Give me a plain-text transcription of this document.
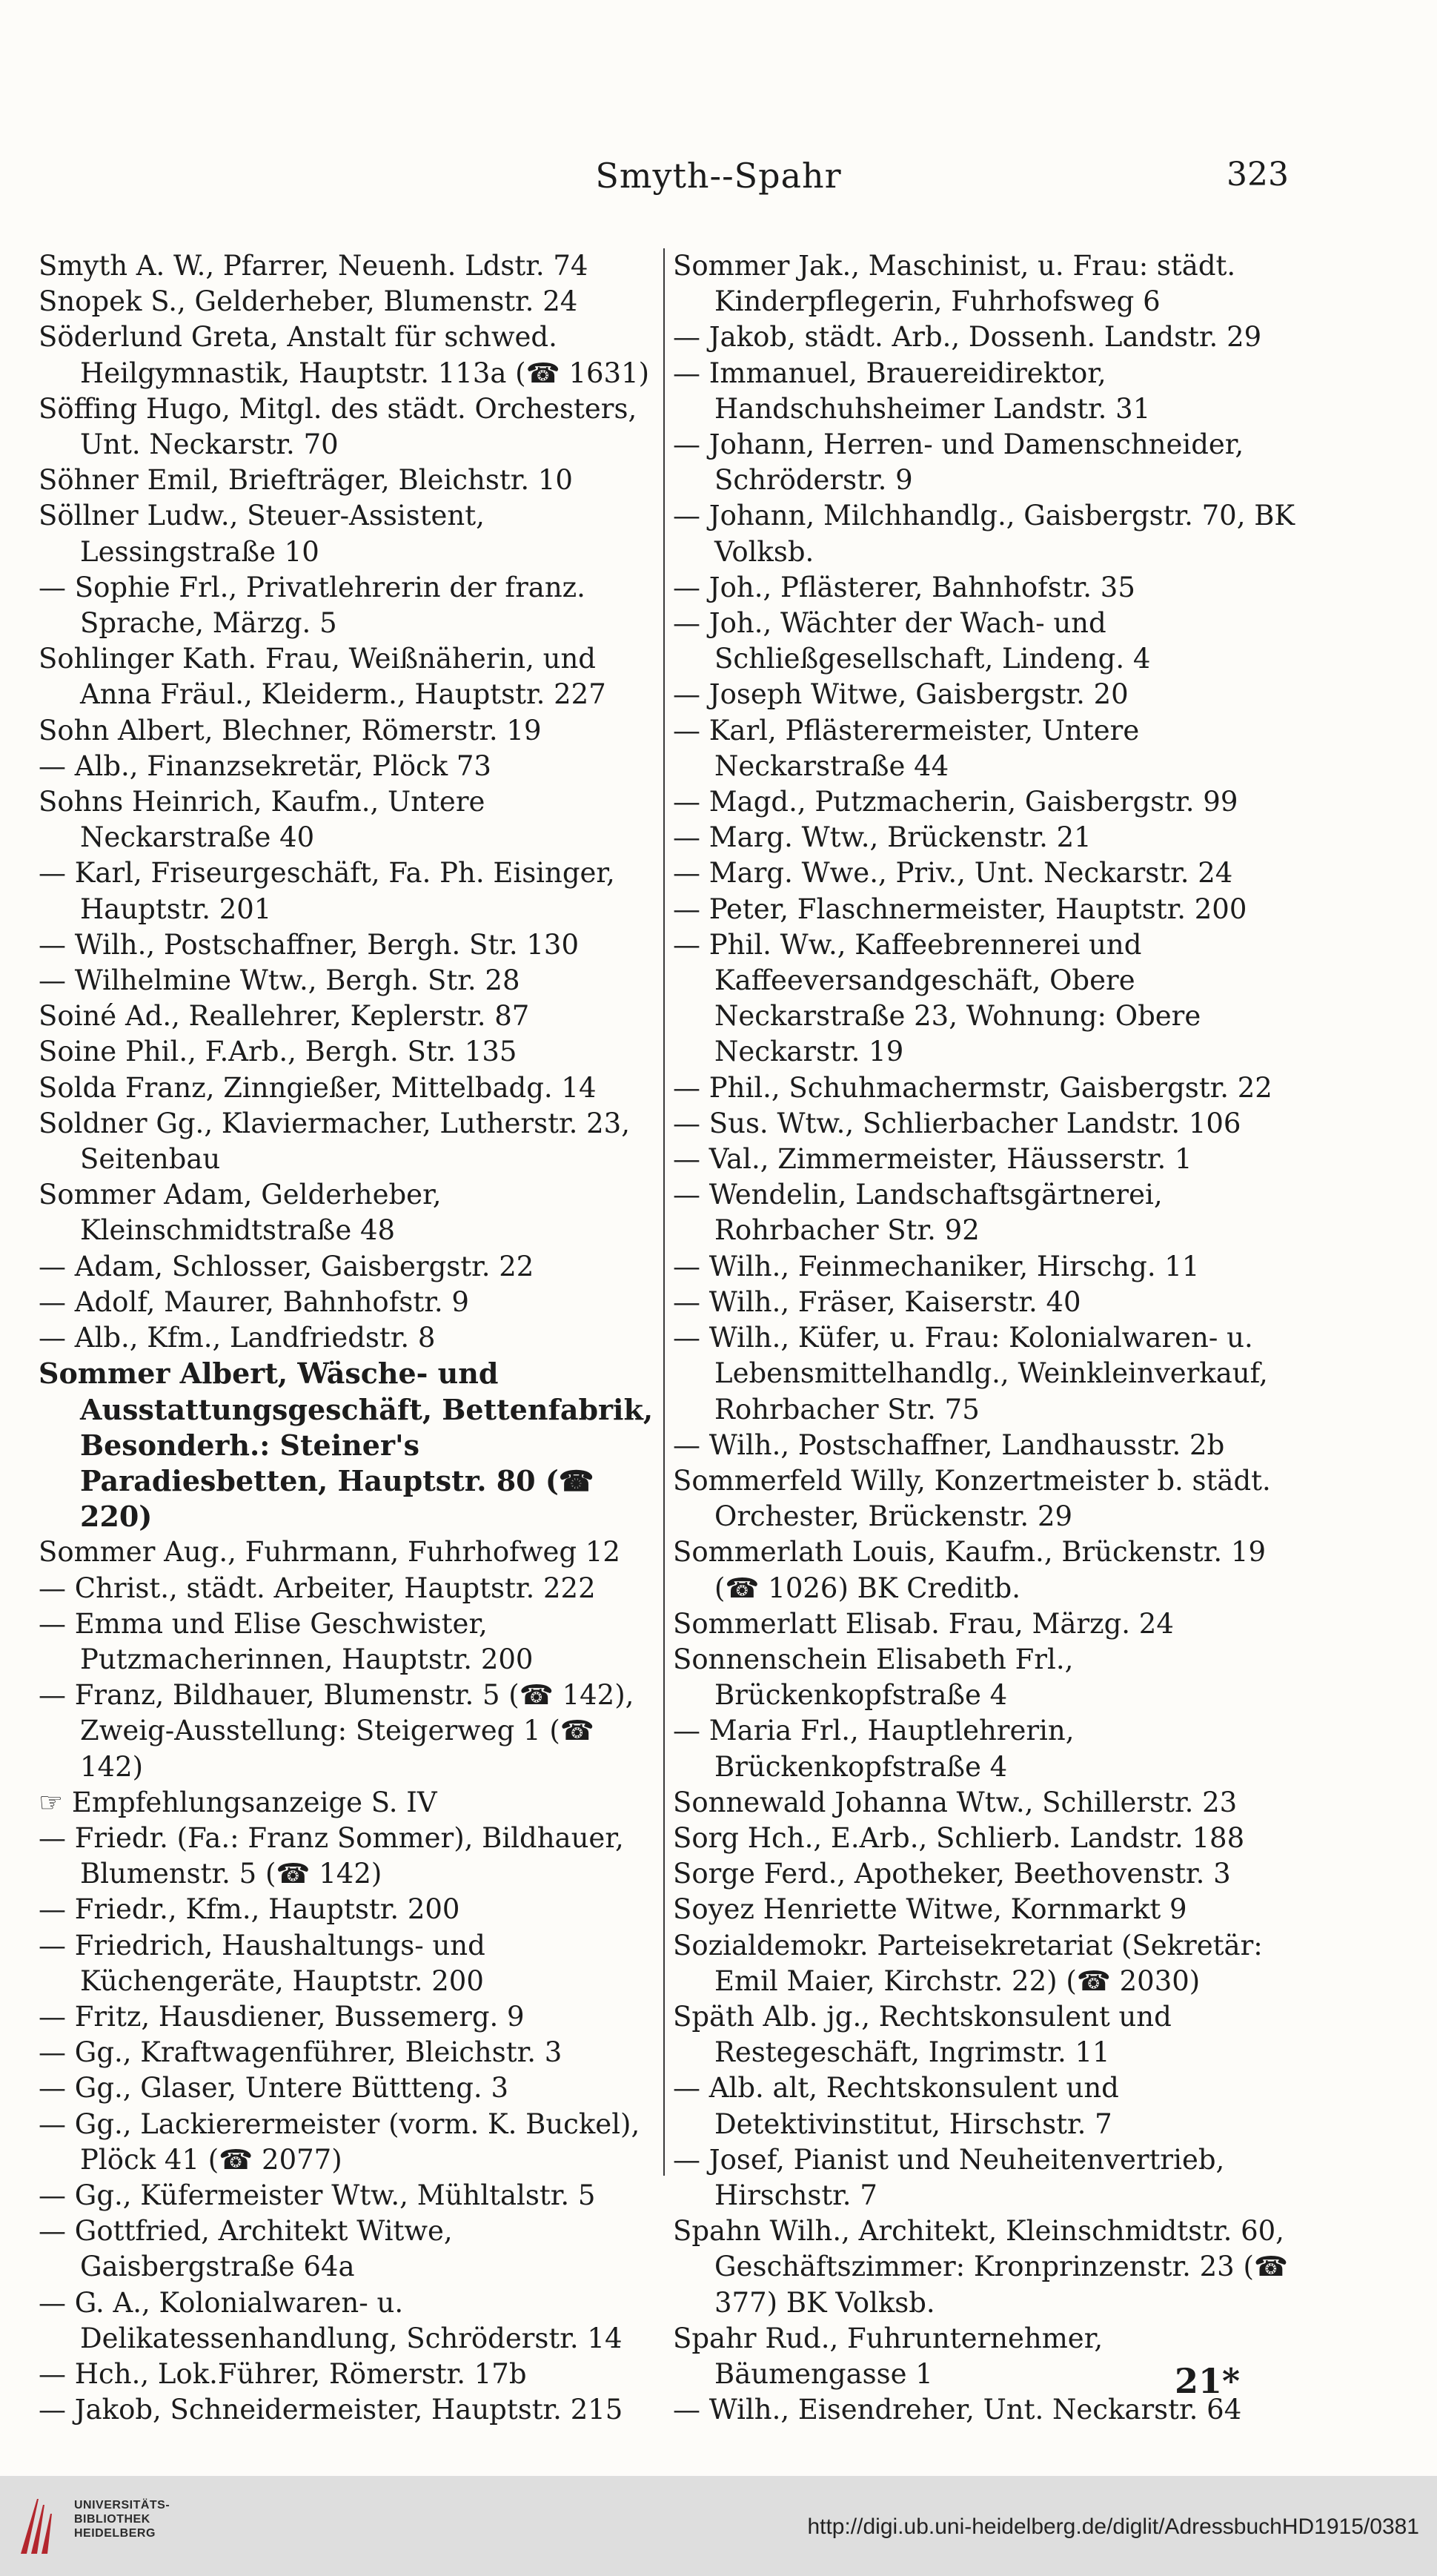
Smyth--Spahr	323

Smyth A. W., Pfarrer, Neuenh. Ldstr. 74

Snopek S., Gelderheber, Blumenstr. 24

Söderlund Greta, Anstalt für schwed. Heilgymnastik, Hauptstr. 113a (☎ 1631)

Söffing Hugo, Mitgl. des städt. Orchesters, Unt. Neckarstr. 70

Söhner Emil, Briefträger, Bleichstr. 10

Söllner Ludw., Steuer-Assistent, Lessingstraße 10

— Sophie Frl., Privatlehrerin der franz. Sprache, Märzg. 5

Sohlinger Kath. Frau, Weißnäherin, und Anna Fräul., Kleiderm., Hauptstr. 227

Sohn Albert, Blechner, Römerstr. 19

— Alb., Finanzsekretär, Plöck 73

Sohns Heinrich, Kaufm., Untere Neckarstraße 40

— Karl, Friseurgeschäft, Fa. Ph. Eisinger, Hauptstr. 201

— Wilh., Postschaffner, Bergh. Str. 130

— Wilhelmine Wtw., Bergh. Str. 28

Soiné Ad., Reallehrer, Keplerstr. 87

Soine Phil., F.Arb., Bergh. Str. 135

Solda Franz, Zinngießer, Mittelbadg. 14

Soldner Gg., Klaviermacher, Lutherstr. 23, Seitenbau

Sommer Adam, Gelderheber, Kleinschmidtstraße 48

— Adam, Schlosser, Gaisbergstr. 22

— Adolf, Maurer, Bahnhofstr. 9

— Alb., Kfm., Landfriedstr. 8

Sommer Albert, Wäsche- und Ausstattungsgeschäft, Bettenfabrik, Besonderh.: Steiner's Paradiesbetten, Hauptstr. 80 (☎ 220)

Sommer Aug., Fuhrmann, Fuhrhofweg 12

— Christ., städt. Arbeiter, Hauptstr. 222

— Emma und Elise Geschwister, Putzmacherinnen, Hauptstr. 200

— Franz, Bildhauer, Blumenstr. 5 (☎ 142), Zweig-Ausstellung: Steigerweg 1 (☎ 142)

☞ Empfehlungsanzeige S. IV

— Friedr. (Fa.: Franz Sommer), Bildhauer, Blumenstr. 5 (☎ 142)

— Friedr., Kfm., Hauptstr. 200

— Friedrich, Haushaltungs- und Küchengeräte, Hauptstr. 200

— Fritz, Hausdiener, Bussemerg. 9

— Gg., Kraftwagenführer, Bleichstr. 3

— Gg., Glaser, Untere Büttteng. 3

— Gg., Lackierermeister (vorm. K. Buckel), Plöck 41 (☎ 2077)

— Gg., Küfermeister Wtw., Mühltalstr. 5

— Gottfried, Architekt Witwe, Gaisbergstraße 64a

— G. A., Kolonialwaren- u. Delikatessenhandlung, Schröderstr. 14

— Hch., Lok.Führer, Römerstr. 17b

— Jakob, Schneidermeister, Hauptstr. 215

Sommer Jak., Maschinist, u. Frau: städt. Kinderpflegerin, Fuhrhofsweg 6

— Jakob, städt. Arb., Dossenh. Landstr. 29

— Immanuel, Brauereidirektor, Handschuhsheimer Landstr. 31

— Johann, Herren- und Damenschneider, Schröderstr. 9

— Johann, Milchhandlg., Gaisbergstr. 70, BK Volksb.

— Joh., Pflästerer, Bahnhofstr. 35

— Joh., Wächter der Wach- und Schließgesellschaft, Lindeng. 4

— Joseph Witwe, Gaisbergstr. 20

— Karl, Pflästerermeister, Untere Neckarstraße 44

— Magd., Putzmacherin, Gaisbergstr. 99

— Marg. Wtw., Brückenstr. 21

— Marg. Wwe., Priv., Unt. Neckarstr. 24

— Peter, Flaschnermeister, Hauptstr. 200

— Phil. Ww., Kaffeebrennerei und Kaffeeversandgeschäft, Obere Neckarstraße 23, Wohnung: Obere Neckarstr. 19

— Phil., Schuhmachermstr, Gaisbergstr. 22

— Sus. Wtw., Schlierbacher Landstr. 106

— Val., Zimmermeister, Häusserstr. 1

— Wendelin, Landschaftsgärtnerei, Rohrbacher Str. 92

— Wilh., Feinmechaniker, Hirschg. 11

— Wilh., Fräser, Kaiserstr. 40

— Wilh., Küfer, u. Frau: Kolonialwaren- u. Lebensmittelhandlg., Weinkleinverkauf, Rohrbacher Str. 75

— Wilh., Postschaffner, Landhausstr. 2b

Sommerfeld Willy, Konzertmeister b. städt. Orchester, Brückenstr. 29

Sommerlath Louis, Kaufm., Brückenstr. 19 (☎ 1026) BK Creditb.

Sommerlatt Elisab. Frau, Märzg. 24

Sonnenschein Elisabeth Frl., Brückenkopfstraße 4

— Maria Frl., Hauptlehrerin, Brückenkopfstraße 4

Sonnewald Johanna Wtw., Schillerstr. 23

Sorg Hch., E.Arb., Schlierb. Landstr. 188

Sorge Ferd., Apotheker, Beethovenstr. 3

Soyez Henriette Witwe, Kornmarkt 9

Sozialdemokr. Parteisekretariat (Sekretär: Emil Maier, Kirchstr. 22) (☎ 2030)

Späth Alb. jg., Rechtskonsulent und Restegeschäft, Ingrimstr. 11

— Alb. alt, Rechtskonsulent und Detektivinstitut, Hirschstr. 7

— Josef, Pianist und Neuheitenvertrieb, Hirschstr. 7

Spahn Wilh., Architekt, Kleinschmidtstr. 60, Geschäftszimmer: Kronprinzenstr. 23 (☎ 377) BK Volksb.

Spahr Rud., Fuhrunternehmer, Bäumengasse 1

— Wilh., Eisendreher, Unt. Neckarstr. 64

21*
UNIVERSITÄTS-
BIBLIOTHEK
HEIDELBERG	http://digi.ub.uni-heidelberg.de/diglit/AdressbuchHD1915/0381
